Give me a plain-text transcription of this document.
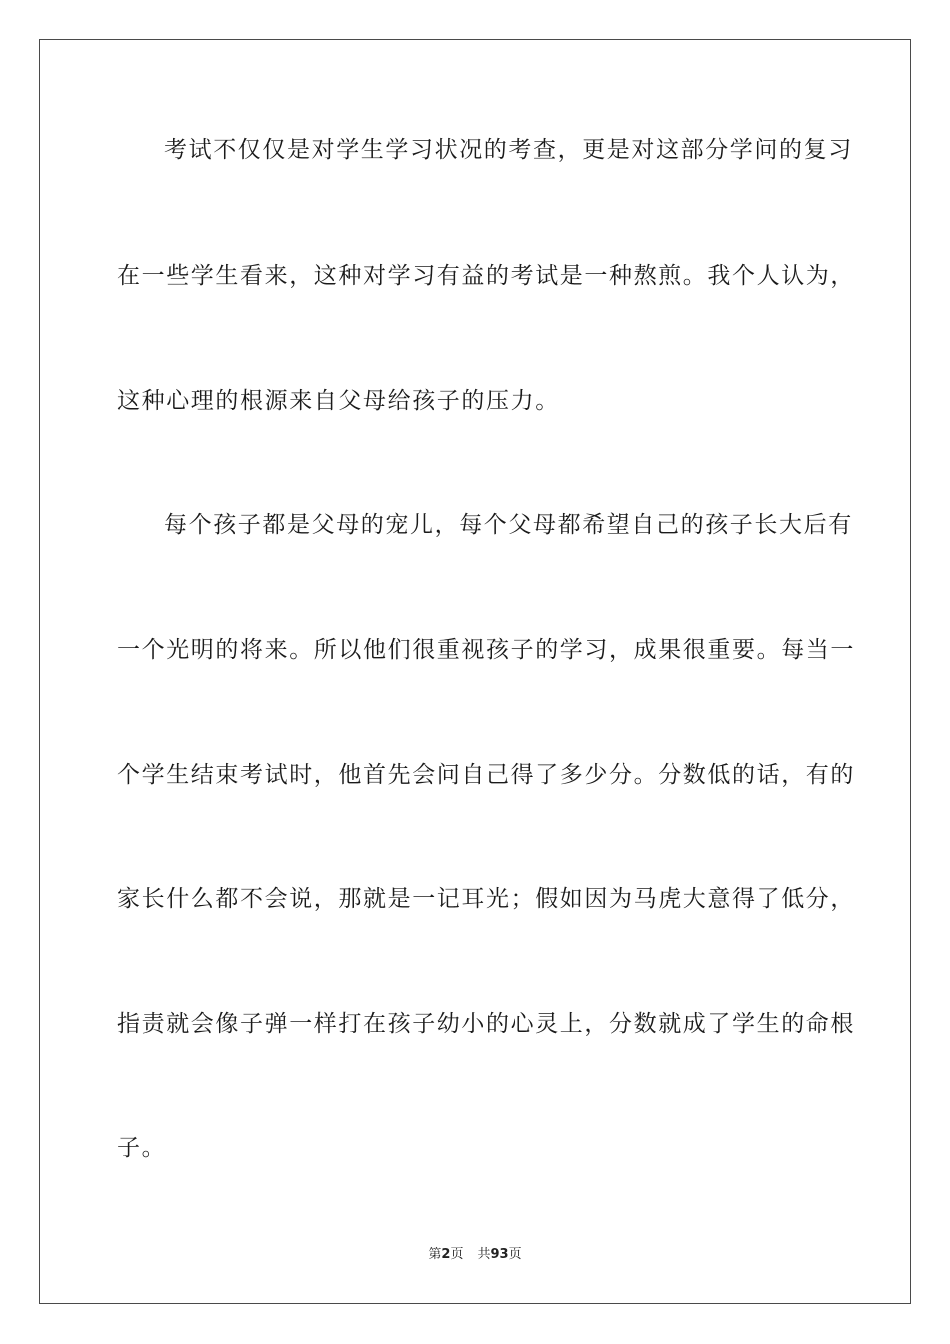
考试不仅仅是对学生学习状况的考查，更是对这部分学问的复习
在一些学生看来，这种对学习有益的考试是一种熬煎。我个人认为，
这种心理的根源来自父母给孩子的压力。
每个孩子都是父母的宠儿，每个父母都希望自己的孩子长大后有
一个光明的将来。所以他们很重视孩子的学习，成果很重要。每当一
个学生结束考试时，他首先会问自己得了多少分。分数低的话，有的
家长什么都不会说，那就是一记耳光；假如因为马虎大意得了低分，
指责就会像子弹一样打在孩子幼小的心灵上，分数就成了学生的命根
子。
第2页 共93页
